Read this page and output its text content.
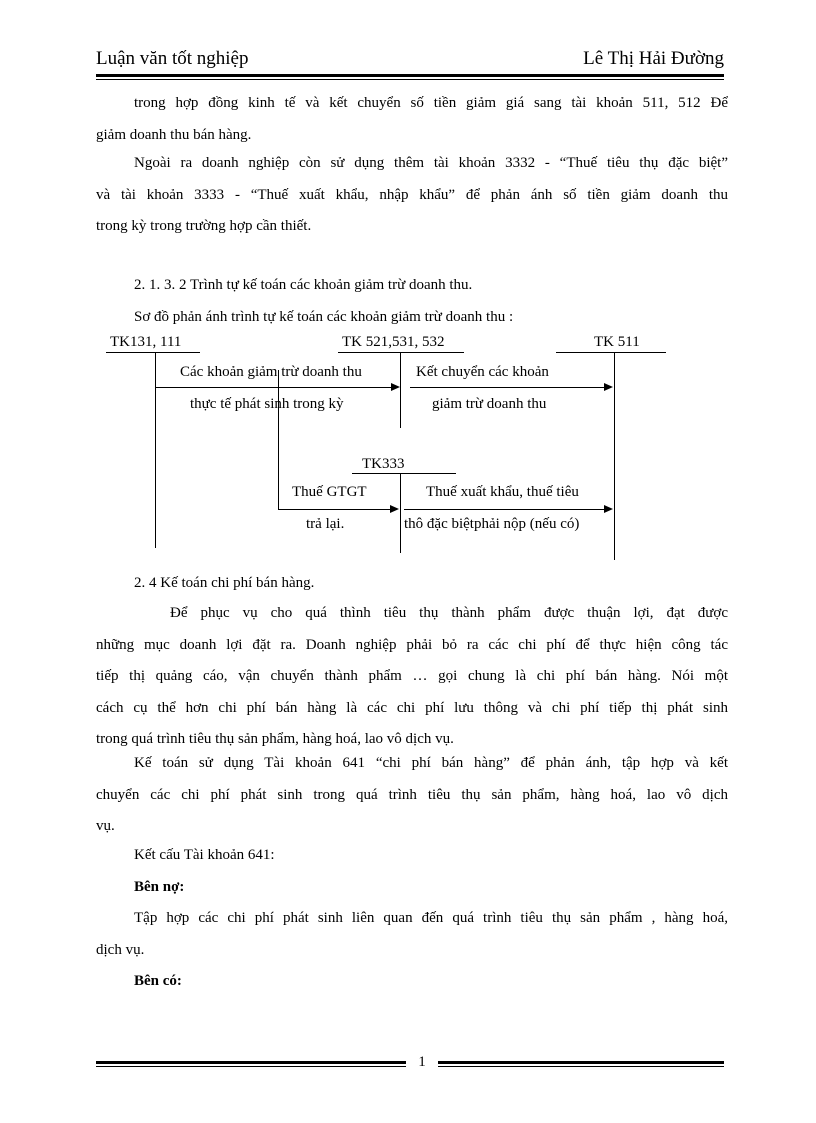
Luận văn tốt nghiệp	Lê Thị Hải Đường
trong hợp đồng kinh tế và kết chuyển số tiền giảm giá sang tài khoản 511, 512 Để
giảm doanh thu bán hàng.
Ngoài ra doanh nghiệp còn sử dụng thêm tài khoản 3332 - “Thuế tiêu thụ đặc biệt”
và tài khoản 3333 - “Thuế xuất khẩu, nhập khẩu” để phản ánh số tiền giảm doanh thu
trong kỳ trong trường hợp cần thiết.
2. 1. 3. 2 Trình tự kế toán các khoản giảm trừ doanh thu.
Sơ đồ phản ánh trình tự kế toán các khoản giảm trừ doanh thu :
TK131, 111	TK 521,531, 532	TK 511
Các khoản giảm trừ doanh thu
thực tế phát sinh trong kỳ
Kết chuyển các khoản
giảm trừ doanh thu
TK333
Thuế GTGT
trả lại.
Thuế xuất khẩu, thuế tiêu
thô đặc biệtphải nộp (nếu có)
2. 4 Kế toán chi phí bán hàng.
Để phục vụ cho quá thình tiêu thụ thành phẩm được thuận lợi, đạt được
những mục doanh lợi đặt ra. Doanh nghiệp phải bỏ ra các chi phí để thực hiện công tác
tiếp thị quảng cáo, vận chuyển thành phẩm … gọi chung là chi phí bán hàng. Nói một
cách cụ thể hơn chi phí bán hàng là các chi phí lưu thông và chi phí tiếp thị phát sinh
trong quá trình tiêu thụ sản phẩm, hàng hoá, lao vô dịch vụ.
Kế toán sử dụng Tài khoản 641 “chi phí bán hàng” để phản ánh, tập hợp và kết
chuyển các chi phí phát sinh trong quá trình tiêu thụ sản phẩm, hàng hoá, lao vô dịch
vụ.
Kết cấu Tài khoản 641:
Bên nợ:
Tập hợp các chi phí phát sinh liên quan đến quá trình tiêu thụ sản phẩm , hàng hoá,
dịch vụ.
Bên có:
1
